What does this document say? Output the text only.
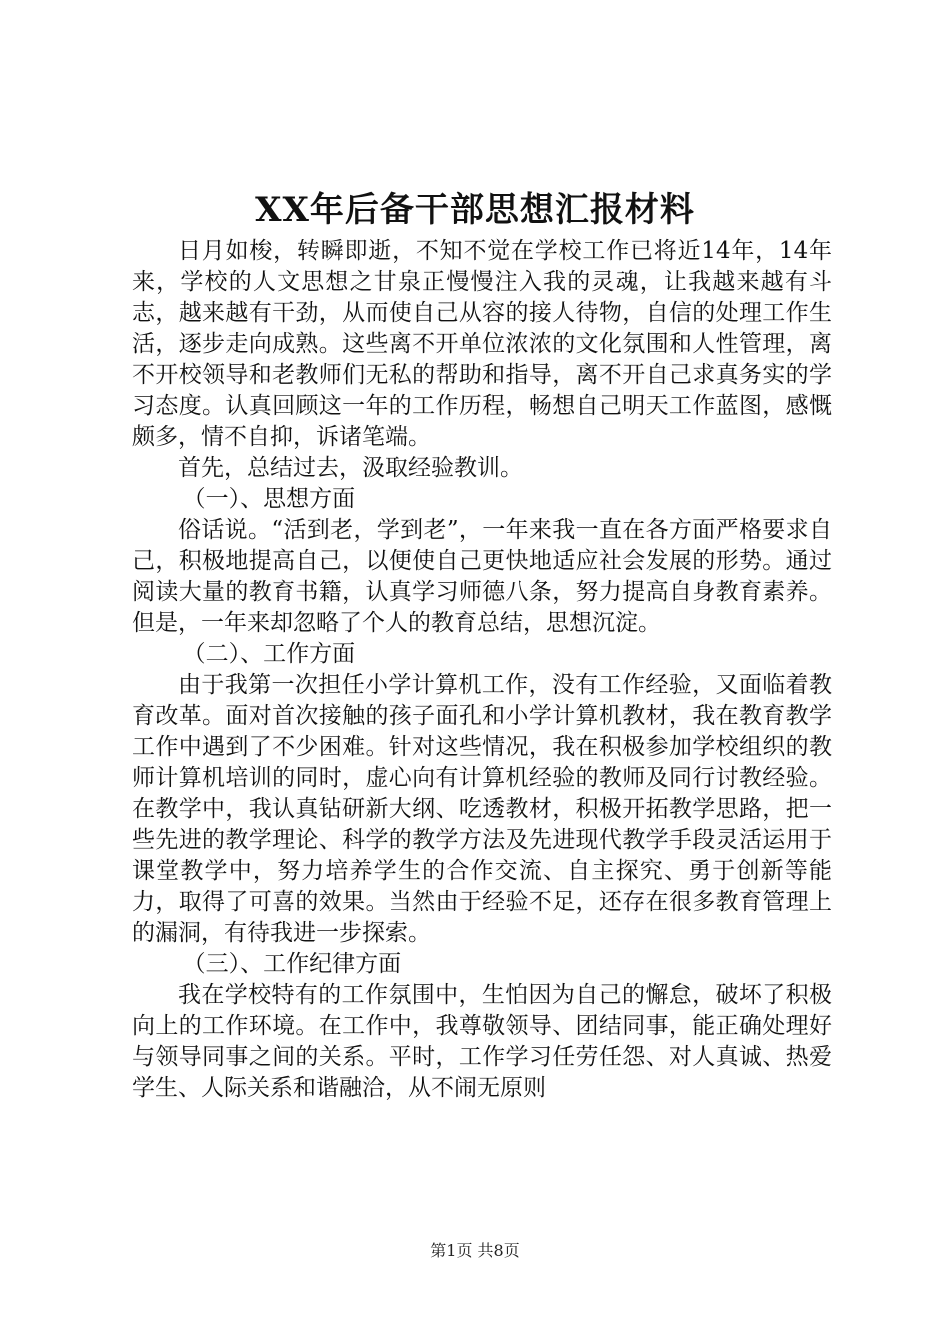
XX年后备干部思想汇报材料

日月如梭，转瞬即逝，不知不觉在学校工作已将近14年，14年来，学校的人文思想之甘泉正慢慢注入我的灵魂，让我越来越有斗志，越来越有干劲，从而使自己从容的接人待物，自信的处理工作生活，逐步走向成熟。这些离不开单位浓浓的文化氛围和人性管理，离不开校领导和老教师们无私的帮助和指导，离不开自己求真务实的学习态度。认真回顾这一年的工作历程，畅想自己明天工作蓝图，感慨颇多，情不自抑，诉诸笔端。

首先，总结过去，汲取经验教训。

（一）、思想方面

俗话说。“活到老，学到老”，一年来我一直在各方面严格要求自己，积极地提高自己，以便使自己更快地适应社会发展的形势。通过阅读大量的教育书籍，认真学习师德八条，努力提高自身教育素养。但是，一年来却忽略了个人的教育总结，思想沉淀。

（二）、工作方面

由于我第一次担任小学计算机工作，没有工作经验，又面临着教育改革。面对首次接触的孩子面孔和小学计算机教材，我在教育教学工作中遇到了不少困难。针对这些情况，我在积极参加学校组织的教师计算机培训的同时，虚心向有计算机经验的教师及同行讨教经验。在教学中，我认真钻研新大纲、吃透教材，积极开拓教学思路，把一些先进的教学理论、科学的教学方法及先进现代教学手段灵活运用于课堂教学中，努力培养学生的合作交流、自主探究、勇于创新等能力，取得了可喜的效果。当然由于经验不足，还存在很多教育管理上的漏洞，有待我进一步探索。

（三）、工作纪律方面

我在学校特有的工作氛围中，生怕因为自己的懈怠，破坏了积极向上的工作环境。在工作中，我尊敬领导、团结同事，能正确处理好与领导同事之间的关系。平时，工作学习任劳任怨、对人真诚、热爱学生、人际关系和谐融洽，从不闹无原则

第1页 共8页
